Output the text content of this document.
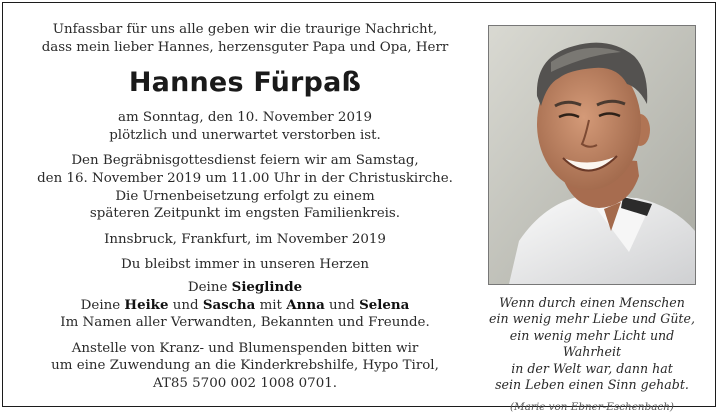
Unfassbar für uns alle geben wir die traurige Nachricht,

dass mein lieber Hannes, herzensguter Papa und Opa, Herr

Hannes Fürpaß

am Sonntag, den 10. November 2019

plötzlich und unerwartet verstorben ist.

Den Begräbnisgottesdienst feiern wir am Samstag,

den 16. November 2019 um 11.00 Uhr in der Christuskirche.

Die Urnenbeisetzung erfolgt zu einem

späteren Zeitpunkt im engsten Familienkreis.

Innsbruck, Frankfurt, im November 2019

Du bleibst immer in unseren Herzen

Deine Sieglinde

Deine Heike und Sascha mit Anna und Selena

Im Namen aller Verwandten, Bekannten und Freunde.

Anstelle von Kranz- und Blumenspenden bitten wir

um eine Zuwendung an die Kinderkrebshilfe, Hypo Tirol,

AT85 5700 002 1008 0701.

Wenn durch einen Menschen

ein wenig mehr Liebe und Güte,

ein wenig mehr Licht und Wahrheit

in der Welt war, dann hat

sein Leben einen Sinn gehabt.

(Marie von Ebner-Eschenbach)
